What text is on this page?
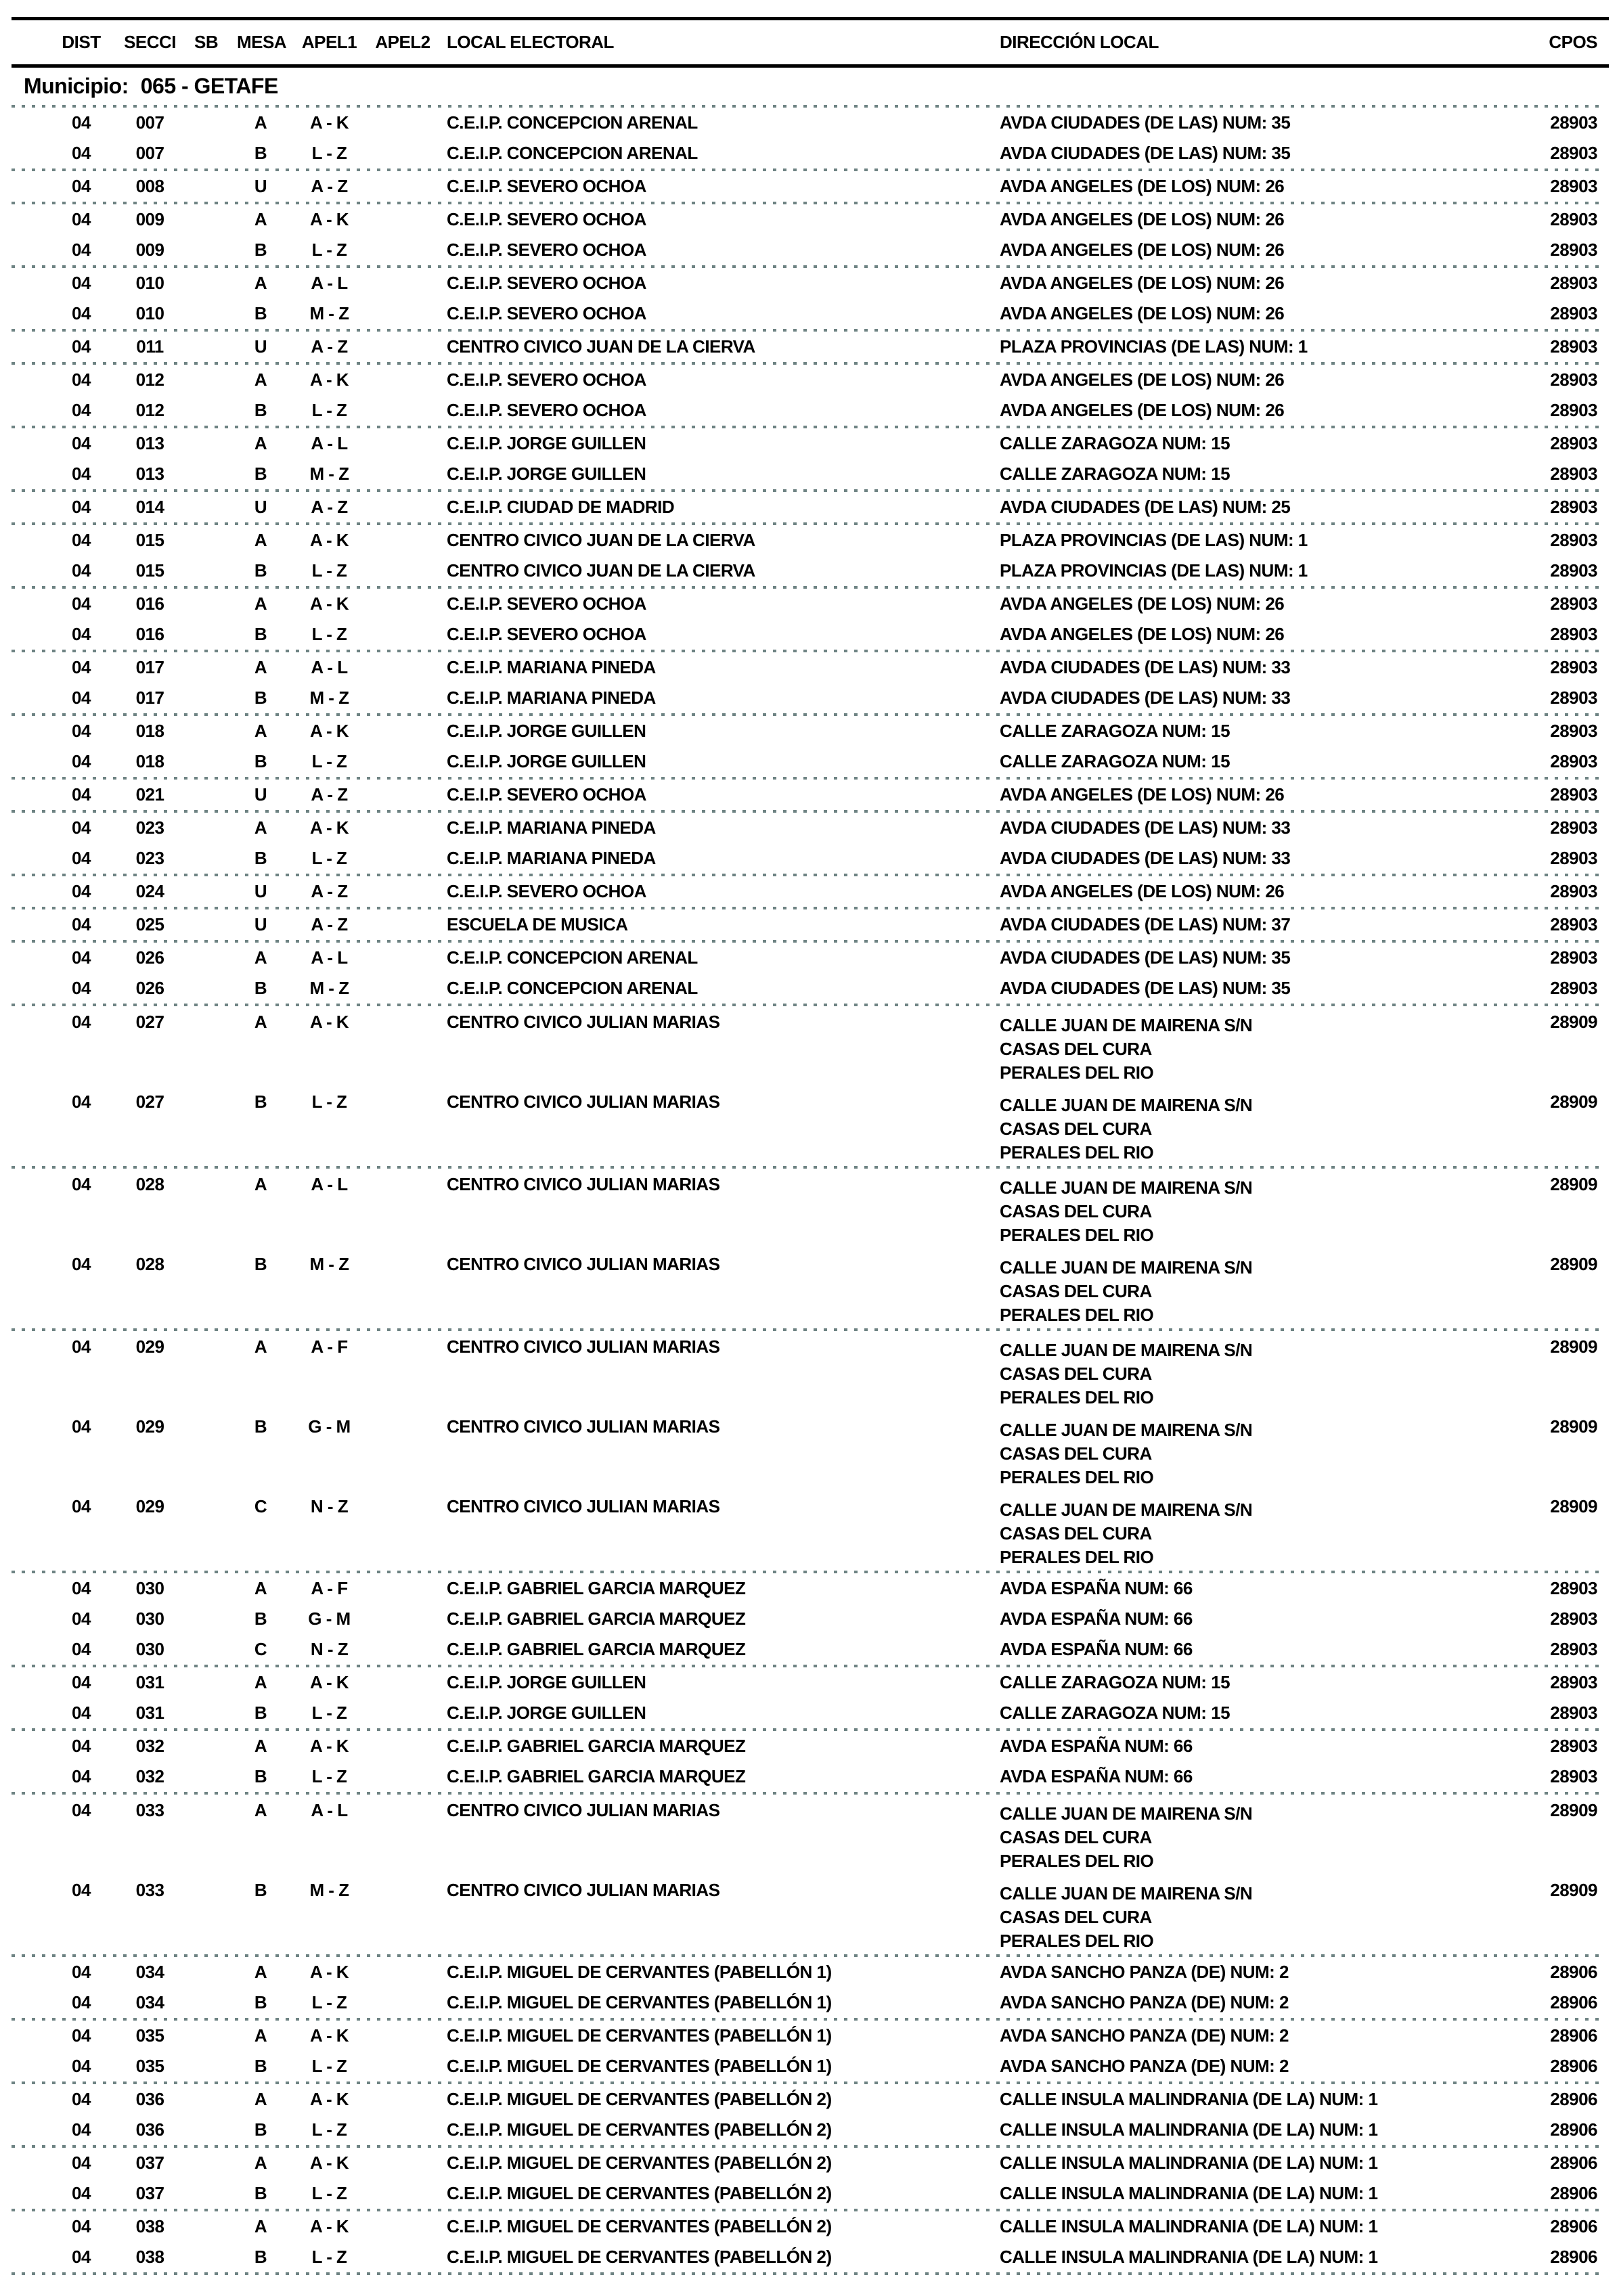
DIST SECCI SB MESA APEL1 APEL2 LOCAL ELECTORAL	DIRECCIÓN LOCAL	CPOS
Municipio: 065 - GETAFE
04	007	A	A - K	C.E.I.P. CONCEPCION ARENAL	AVDA CIUDADES (DE LAS) NUM: 35	28903
04	007	B	L - Z	C.E.I.P. CONCEPCION ARENAL	AVDA CIUDADES (DE LAS) NUM: 35	28903
04	008	U	A - Z	C.E.I.P. SEVERO OCHOA	AVDA ANGELES (DE LOS) NUM: 26	28903
04	009	A	A - K	C.E.I.P. SEVERO OCHOA	AVDA ANGELES (DE LOS) NUM: 26	28903
04	009	B	L - Z	C.E.I.P. SEVERO OCHOA	AVDA ANGELES (DE LOS) NUM: 26	28903
04	010	A	A - L	C.E.I.P. SEVERO OCHOA	AVDA ANGELES (DE LOS) NUM: 26	28903
04	010	B	M - Z	C.E.I.P. SEVERO OCHOA	AVDA ANGELES (DE LOS) NUM: 26	28903
04	011	U	A - Z	CENTRO CIVICO JUAN DE LA CIERVA	PLAZA PROVINCIAS (DE LAS) NUM: 1	28903
04	012	A	A - K	C.E.I.P. SEVERO OCHOA	AVDA ANGELES (DE LOS) NUM: 26	28903
04	012	B	L - Z	C.E.I.P. SEVERO OCHOA	AVDA ANGELES (DE LOS) NUM: 26	28903
04	013	A	A - L	C.E.I.P. JORGE GUILLEN	CALLE ZARAGOZA NUM: 15	28903
04	013	B	M - Z	C.E.I.P. JORGE GUILLEN	CALLE ZARAGOZA NUM: 15	28903
04	014	U	A - Z	C.E.I.P. CIUDAD DE MADRID	AVDA CIUDADES (DE LAS) NUM: 25	28903
04	015	A	A - K	CENTRO CIVICO JUAN DE LA CIERVA	PLAZA PROVINCIAS (DE LAS) NUM: 1	28903
04	015	B	L - Z	CENTRO CIVICO JUAN DE LA CIERVA	PLAZA PROVINCIAS (DE LAS) NUM: 1	28903
04	016	A	A - K	C.E.I.P. SEVERO OCHOA	AVDA ANGELES (DE LOS) NUM: 26	28903
04	016	B	L - Z	C.E.I.P. SEVERO OCHOA	AVDA ANGELES (DE LOS) NUM: 26	28903
04	017	A	A - L	C.E.I.P. MARIANA PINEDA	AVDA CIUDADES (DE LAS) NUM: 33	28903
04	017	B	M - Z	C.E.I.P. MARIANA PINEDA	AVDA CIUDADES (DE LAS) NUM: 33	28903
04	018	A	A - K	C.E.I.P. JORGE GUILLEN	CALLE ZARAGOZA NUM: 15	28903
04	018	B	L - Z	C.E.I.P. JORGE GUILLEN	CALLE ZARAGOZA NUM: 15	28903
04	021	U	A - Z	C.E.I.P. SEVERO OCHOA	AVDA ANGELES (DE LOS) NUM: 26	28903
04	023	A	A - K	C.E.I.P. MARIANA PINEDA	AVDA CIUDADES (DE LAS) NUM: 33	28903
04	023	B	L - Z	C.E.I.P. MARIANA PINEDA	AVDA CIUDADES (DE LAS) NUM: 33	28903
04	024	U	A - Z	C.E.I.P. SEVERO OCHOA	AVDA ANGELES (DE LOS) NUM: 26	28903
04	025	U	A - Z	ESCUELA DE MUSICA	AVDA CIUDADES (DE LAS) NUM: 37	28903
04	026	A	A - L	C.E.I.P. CONCEPCION ARENAL	AVDA CIUDADES (DE LAS) NUM: 35	28903
04	026	B	M - Z	C.E.I.P. CONCEPCION ARENAL	AVDA CIUDADES (DE LAS) NUM: 35	28903
04	027	A	A - K	CENTRO CIVICO JULIAN MARIAS	CALLE JUAN DE MAIRENA S/N
CASAS DEL CURA
PERALES DEL RIO
28909
04	027	B	L - Z	CENTRO CIVICO JULIAN MARIAS	CALLE JUAN DE MAIRENA S/N
CASAS DEL CURA
PERALES DEL RIO
28909
04	028	A	A - L	CENTRO CIVICO JULIAN MARIAS	CALLE JUAN DE MAIRENA S/N
CASAS DEL CURA
PERALES DEL RIO
28909
04	028	B	M - Z	CENTRO CIVICO JULIAN MARIAS	CALLE JUAN DE MAIRENA S/N
CASAS DEL CURA
PERALES DEL RIO
28909
04	029	A	A - F	CENTRO CIVICO JULIAN MARIAS	CALLE JUAN DE MAIRENA S/N
CASAS DEL CURA
PERALES DEL RIO
28909
04	029	B	G - M	CENTRO CIVICO JULIAN MARIAS	CALLE JUAN DE MAIRENA S/N
CASAS DEL CURA
PERALES DEL RIO
28909
04	029	C	N - Z	CENTRO CIVICO JULIAN MARIAS	CALLE JUAN DE MAIRENA S/N
CASAS DEL CURA
PERALES DEL RIO
28909
04	030	A	A - F	C.E.I.P. GABRIEL GARCIA MARQUEZ	AVDA ESPAÑA NUM: 66	28903
04	030	B	G - M	C.E.I.P. GABRIEL GARCIA MARQUEZ	AVDA ESPAÑA NUM: 66	28903
04	030	C	N - Z	C.E.I.P. GABRIEL GARCIA MARQUEZ	AVDA ESPAÑA NUM: 66	28903
04	031	A	A - K	C.E.I.P. JORGE GUILLEN	CALLE ZARAGOZA NUM: 15	28903
04	031	B	L - Z	C.E.I.P. JORGE GUILLEN	CALLE ZARAGOZA NUM: 15	28903
04	032	A	A - K	C.E.I.P. GABRIEL GARCIA MARQUEZ	AVDA ESPAÑA NUM: 66	28903
04	032	B	L - Z	C.E.I.P. GABRIEL GARCIA MARQUEZ	AVDA ESPAÑA NUM: 66	28903
04	033	A	A - L	CENTRO CIVICO JULIAN MARIAS	CALLE JUAN DE MAIRENA S/N
CASAS DEL CURA
PERALES DEL RIO
28909
04	033	B	M - Z	CENTRO CIVICO JULIAN MARIAS	CALLE JUAN DE MAIRENA S/N
CASAS DEL CURA
PERALES DEL RIO
28909
04	034	A	A - K	C.E.I.P. MIGUEL DE CERVANTES (PABELLÓN 1)	AVDA SANCHO PANZA (DE) NUM: 2	28906
04	034	B	L - Z	C.E.I.P. MIGUEL DE CERVANTES (PABELLÓN 1)	AVDA SANCHO PANZA (DE) NUM: 2	28906
04	035	A	A - K	C.E.I.P. MIGUEL DE CERVANTES (PABELLÓN 1)	AVDA SANCHO PANZA (DE) NUM: 2	28906
04	035	B	L - Z	C.E.I.P. MIGUEL DE CERVANTES (PABELLÓN 1)	AVDA SANCHO PANZA (DE) NUM: 2	28906
04	036	A	A - K	C.E.I.P. MIGUEL DE CERVANTES (PABELLÓN 2)	CALLE INSULA MALINDRANIA (DE LA) NUM: 1	28906
04	036	B	L - Z	C.E.I.P. MIGUEL DE CERVANTES (PABELLÓN 2)	CALLE INSULA MALINDRANIA (DE LA) NUM: 1	28906
04	037	A	A - K	C.E.I.P. MIGUEL DE CERVANTES (PABELLÓN 2)	CALLE INSULA MALINDRANIA (DE LA) NUM: 1	28906
04	037	B	L - Z	C.E.I.P. MIGUEL DE CERVANTES (PABELLÓN 2)	CALLE INSULA MALINDRANIA (DE LA) NUM: 1	28906
04	038	A	A - K	C.E.I.P. MIGUEL DE CERVANTES (PABELLÓN 2)	CALLE INSULA MALINDRANIA (DE LA) NUM: 1	28906
04	038	B	L - Z	C.E.I.P. MIGUEL DE CERVANTES (PABELLÓN 2)	CALLE INSULA MALINDRANIA (DE LA) NUM: 1	28906
